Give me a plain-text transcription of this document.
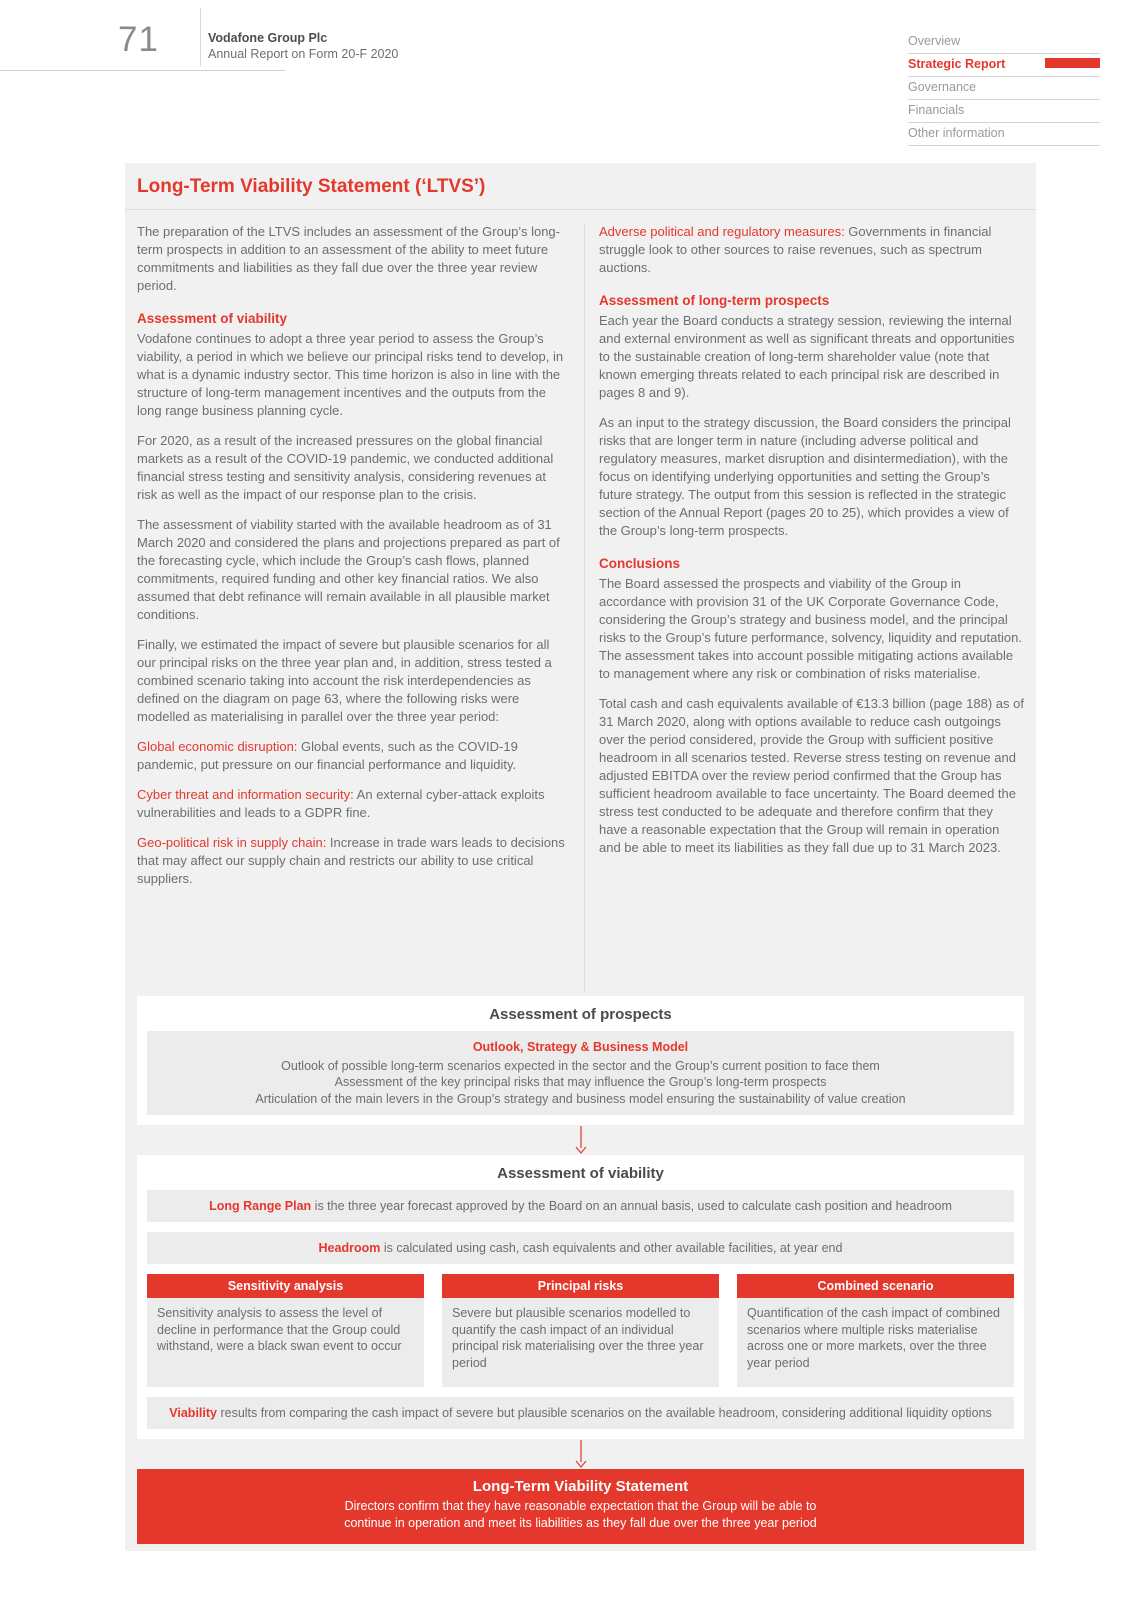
71	Vodafone Group Plc
Annual Report on Form 20-F 2020
Overview
Strategic Report
Governance
Financials
Other information
Long-Term Viability Statement (‘LTVS’)

The preparation of the LTVS includes an assessment of the Group’s long-term prospects in addition to an assessment of the ability to meet future commitments and liabilities as they fall due over the three year review period.

Assessment of viability

Vodafone continues to adopt a three year period to assess the Group’s viability, a period in which we believe our principal risks tend to develop, in what is a dynamic industry sector. This time horizon is also in line with the structure of long-term management incentives and the outputs from the long range business planning cycle.

For 2020, as a result of the increased pressures on the global financial markets as a result of the COVID-19 pandemic, we conducted additional financial stress testing and sensitivity analysis, considering revenues at risk as well as the impact of our response plan to the crisis.

The assessment of viability started with the available headroom as of 31 March 2020 and considered the plans and projections prepared as part of the forecasting cycle, which include the Group’s cash flows, planned commitments, required funding and other key financial ratios. We also assumed that debt refinance will remain available in all plausible market conditions.

Finally, we estimated the impact of severe but plausible scenarios for all our principal risks on the three year plan and, in addition, stress tested a combined scenario taking into account the risk interdependencies as defined on the diagram on page 63, where the following risks were modelled as materialising in parallel over the three year period:

Global economic disruption: Global events, such as the COVID-19 pandemic, put pressure on our financial performance and liquidity.

Cyber threat and information security: An external cyber-attack exploits vulnerabilities and leads to a GDPR fine.

Geo-political risk in supply chain: Increase in trade wars leads to decisions that may affect our supply chain and restricts our ability to use critical suppliers.

Adverse political and regulatory measures: Governments in financial struggle look to other sources to raise revenues, such as spectrum auctions.

Assessment of long-term prospects

Each year the Board conducts a strategy session, reviewing the internal and external environment as well as significant threats and opportunities to the sustainable creation of long-term shareholder value (note that known emerging threats related to each principal risk are described in pages 8 and 9).

As an input to the strategy discussion, the Board considers the principal risks that are longer term in nature (including adverse political and regulatory measures, market disruption and disintermediation), with the focus on identifying underlying opportunities and setting the Group’s future strategy. The output from this session is reflected in the strategic section of the Annual Report (pages 20 to 25), which provides a view of the Group’s long-term prospects.

Conclusions

The Board assessed the prospects and viability of the Group in accordance with provision 31 of the UK Corporate Governance Code, considering the Group’s strategy and business model, and the principal risks to the Group’s future performance, solvency, liquidity and reputation. The assessment takes into account possible mitigating actions available to management where any risk or combination of risks materialise.

Total cash and cash equivalents available of €13.3 billion (page 188) as of 31 March 2020, along with options available to reduce cash outgoings over the period considered, provide the Group with sufficient positive headroom in all scenarios tested. Reverse stress testing on revenue and adjusted EBITDA over the review period confirmed that the Group has sufficient headroom available to face uncertainty. The Board deemed the stress test conducted to be adequate and therefore confirm that they have a reasonable expectation that the Group will remain in operation and be able to meet its liabilities as they fall due up to 31 March 2023.

Assessment of prospects
Outlook, Strategy & Business Model
Outlook of possible long-term scenarios expected in the sector and the Group’s current position to face them
Assessment of the key principal risks that may influence the Group’s long-term prospects
Articulation of the main levers in the Group’s strategy and business model ensuring the sustainability of value creation
Assessment of viability
Long Range Plan is the three year forecast approved by the Board on an annual basis, used to calculate cash position and headroom
Headroom is calculated using cash, cash equivalents and other available facilities, at year end
Sensitivity analysis
Sensitivity analysis to assess the level of decline in performance that the Group could withstand, were a black swan event to occur
Principal risks
Severe but plausible scenarios modelled to quantify the cash impact of an individual principal risk materialising over the three year period
Combined scenario
Quantification of the cash impact of combined scenarios where multiple risks materialise across one or more markets, over the three year period
Viability results from comparing the cash impact of severe but plausible scenarios on the available headroom, considering additional liquidity options
Long-Term Viability Statement
Directors confirm that they have reasonable expectation that the Group will be able to continue in operation and meet its liabilities as they fall due over the three year period
